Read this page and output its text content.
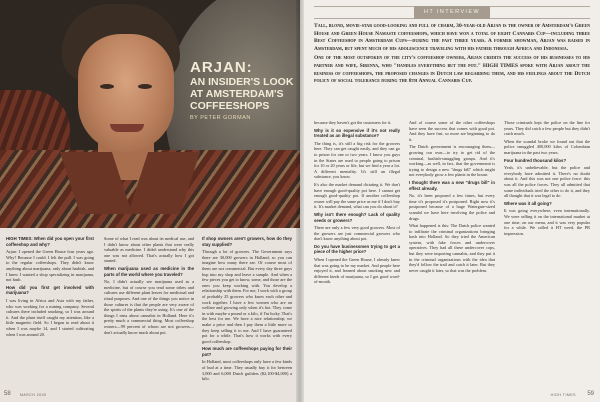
ARJAN:
AN INSIDER'S LOOK AT AMSTERDAM'S COFFEESHOPS
BY PETER GORMAN

HIGH TIMES: When did you open your first coffeeshop and why?

Arjan: I opened the Green House four years ago. Why? Because I could. I felt the pull. I was going to the regular coffeeshops. They didn't know anything about marijuana, only about hashish, and I knew I wanted a shop specializing in marijuana, not hash.

How did you first get involved with marijuana?

I was living in Africa and Asia with my father, who was working for a mining company. Several cultures there included smoking, so I was around it. And the plant itself caught my attention, like a little magnetic field. So I began to read about it when I was maybe 14, and I started cultivating when I was around 20.

Some of what I read was about its medical use, and I didn't know about other plants that were really valuable as medicine. I didn't understand why this one was not allowed. That's actually how I got started.

When marijuana used as medicine in the parts of the world where you traveled?

No, I didn't actually see marijuana used as a medicine, but of course you read some tribes and cultures use different plant leaves for medicinal and ritual purposes. And one of the things you notice in those cultures is that the people are very aware of the spirits of the plants they're using. It's one of the things I miss about cannabis in Holland. Here it's pretty much a commercial thing. Most coffeeshop owners—99 percent of whom are not growers—don't actually know much about pot.

If shop owners aren't growers, how do they stay supplied?

Through a lot of growers. The Government says there are 30,000 growers in Holland, so you can imagine how many there are. Of course most of them are not commercial. But every day three guys hop into my shop and leave a sample. And when a few pieces you get to know, some, and those are the ones you keep working with. You develop a relationship with them. For me, I work with a group of probably 25 growers who know each other and work together. I have a few women who are on welfare and growing only when it's hot. They come in with maybe a pound or a kilo, if I'm lucky. That's the best for me. We have a nice relationship; we make a price and then I pay them a little more so they keep selling it to me. And I have guaranteed pot for a while. That's how it works with every good coffeeshop.

How much are coffeeshops paying for their pot?

In Holland, most coffeeshops only have a few kinds of bud at a time. They usually buy it for between 3,000 and 6,000 Dutch guilders ($2,100-$4,000) a kilo.

58	MARCH 2000
HT INTERVIEW

Tall, blond, movie-star good-looking and full of charm, 30-year-old Arjan is the owner of Amsterdam's Green House and Green House Namaste coffeeshops, which have won a total of eight Cannabis Cup—including three Best Coffeeshop in Amsterdam Cups—during the past three years. A former showman, Arjan was raised in Amsterdam, but spent much of his adolescence traveling with his father through Africa and Indonesia.

One of the most outspoken of the city's coffeeshop owners, Arjan credits the success of his businesses to his partner and wife, Sirenya, who "handles everything but the pot." HIGH TIMES spoke with Arjan about the business of coffeeshops, the proposed changes in Dutch law regarding them, and his feelings about the Dutch policy of social tolerance during the 8th Annual Cannabis Cup.

because they haven't got the customers for it.

Why is it so expensive if it's not really treated as an illegal substance?

The thing is, it's still a big risk for the growers here. They can get caught easily, and they can go to prison for one or two years. I know you guys in the States are used to people going to prison for 10 or 20 years or life, but we find a year a lot. A different mentality. It's still an illegal substance, you know.

It's also the market demand dictating it. We don't have enough good-quality pot here. I cannot get enough good-quality pot. If another coffeeshop owner will pay the same price as me if I don't buy it. It's market demand, what can you do about it?

Why isn't there enough? Lack of quality seeds or growers?

There are only a few very good growers. Most of the growers are just commercial growers who don't know anything about pot.

Do you have businessmen trying to get a piece of the higher price?

When I opened the Green House, I already knew that was going to be my market. And people here enjoyed it, and learned about smoking new and different kinds of marijuana, so I got good word-of-mouth.

And of course some of the other coffeeshops have seen the success that comes with good pot. And they have fast, so more are beginning to do it.

The Dutch government is encouraging them—growing our own—to try to get rid of the criminal, hashish-smuggling groups. And it's working—as well, in fact, that the government is trying to design a new "drugs bill" which might not everybody grow a few plants in the house.

I thought there was a new "drugs bill" in effect already.

No, it's been proposed a few times, but every time it's proposed it's postponed. Right now it's postponed because of a huge Watergate-sized scandal we have here involving the police and drugs.

What happened is this: The Dutch police wanted to infiltrate the criminal organizations bringing hash into Holland. So they tried the American system, with fake forces and undercover operatives. They had all these undercover cops, but they were importing cannabis, and they put it in the criminal organizations with the idea that they'd follow the trail and catch it later. But they never caught it later, so that was the problem.

Those criminals kept the police on the line for years. They did catch a few people but they didn't catch much.

When the scandal broke we found out that the police smuggled 400,000 kilos of Colombian marijuana in the past two years.

Four hundred thousand kilos?

Yeah, it's unbelievable, but the police and everybody have admitted it. There's no doubt about it. And this was not one police force: this was all the police forces. They all admitted that some individuals tried the other to do it, and they all thought that it was legal to do.

Where was it all going?

It was going everywhere, even internationally. We were selling it on the international market at one time, on our menu, and it was very popular for a while. We called it HT weed, the PR impression.

HIGH TIMES 59
